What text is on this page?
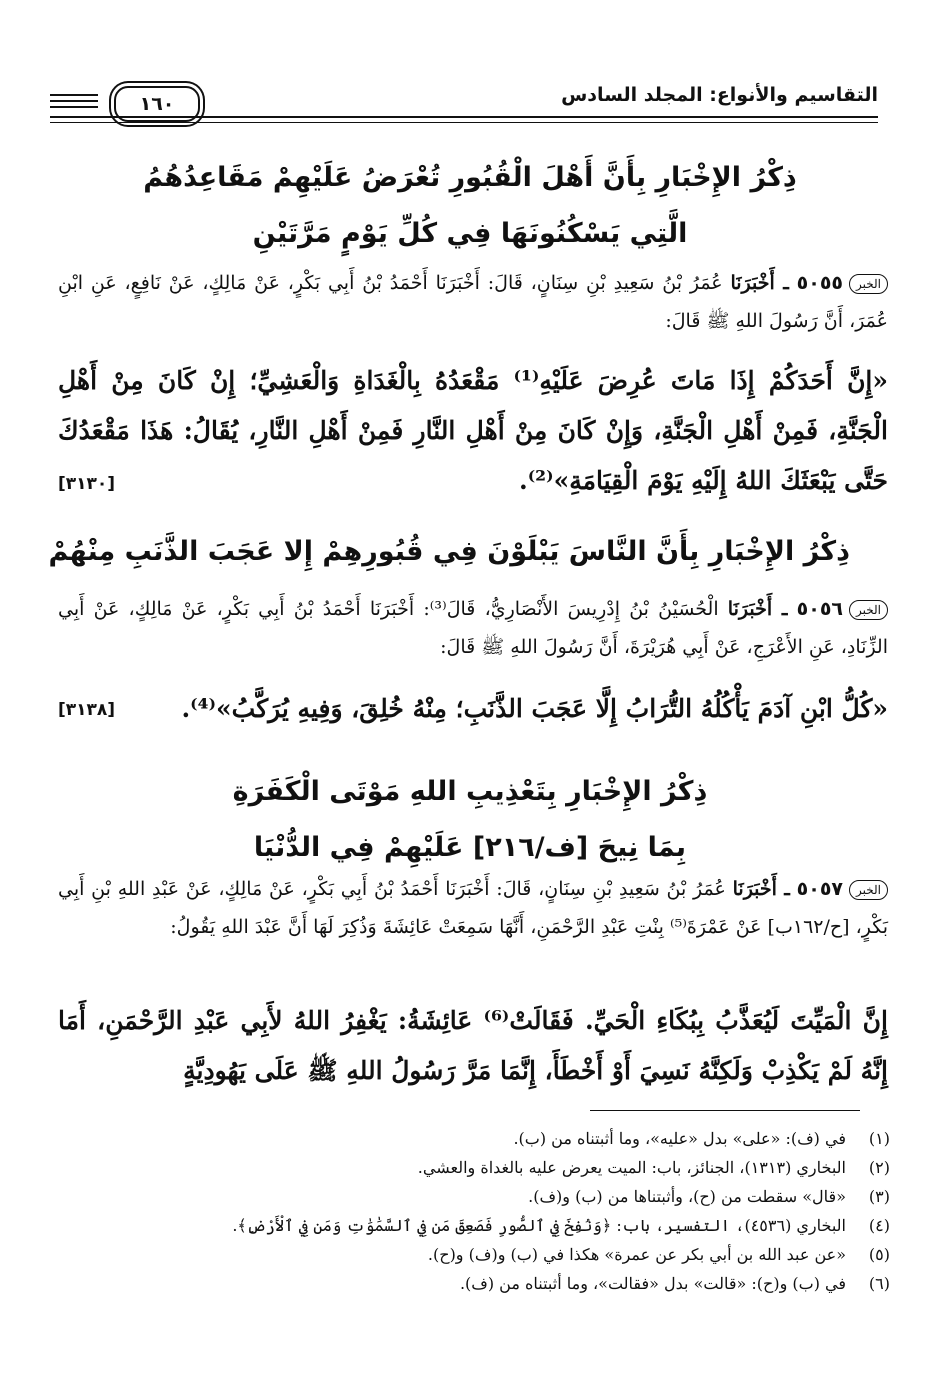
التقاسيم والأنواع: المجلد السادس
١٦٠
ذِكْرُ الإِخْبَارِ بِأَنَّ أَهْلَ الْقُبُورِ تُعْرَضُ عَلَيْهِمْ مَقَاعِدُهُمُ
الَّتِي يَسْكُنُونَهَا فِي كُلِّ يَوْمٍ مَرَّتَيْنِ
الخبر٥٠٥٥ ـ أَخْبَرَنَا عُمَرُ بْنُ سَعِيدِ بْنِ سِنَانٍ، قَالَ: أَخْبَرَنَا أَحْمَدُ بْنُ أَبِي بَكْرٍ، عَنْ مَالِكٍ، عَنْ نَافِعٍ، عَنِ ابْنِ عُمَرَ، أَنَّ رَسُولَ اللهِ ﷺ قَالَ:
«إِنَّ أَحَدَكُمْ إِذَا مَاتَ عُرِضَ عَلَيْهِ⁽¹⁾ مَقْعَدُهُ بِالْغَدَاةِ وَالْعَشِيِّ؛ إِنْ كَانَ مِنْ أَهْلِ الْجَنَّةِ، فَمِنْ أَهْلِ الْجَنَّةِ، وَإِنْ كَانَ مِنْ أَهْلِ النَّارِ فَمِنْ أَهْلِ النَّارِ، يُقَالُ: هَذَا مَقْعَدُكَ حَتَّى يَبْعَثَكَ اللهُ إِلَيْهِ يَوْمَ الْقِيَامَةِ»⁽²⁾.
[٣١٣٠]
ذِكْرُ الإِخْبَارِ بِأَنَّ النَّاسَ يَبْلَوْنَ فِي قُبُورِهِمْ إِلا عَجَبَ الذَّنَبِ مِنْهُمْ
الخبر٥٠٥٦ ـ أَخْبَرَنَا الْحُسَيْنُ بْنُ إِدْرِيسَ الأَنْصَارِيُّ، قَالَ⁽³⁾: أَخْبَرَنَا أَحْمَدُ بْنُ أَبِي بَكْرٍ، عَنْ مَالِكٍ، عَنْ أَبِي الزِّنَادِ، عَنِ الأَعْرَجِ، عَنْ أَبِي هُرَيْرَةَ، أَنَّ رَسُولَ اللهِ ﷺ قَالَ:
«كُلُّ ابْنِ آدَمَ يَأْكُلُهُ التُّرَابُ إِلَّا عَجَبَ الذَّنَبِ؛ مِنْهُ خُلِقَ، وَفِيهِ يُرَكَّبُ»⁽⁴⁾.
[٣١٣٨]
ذِكْرُ الإِخْبَارِ بِتَعْذِيبِ اللهِ مَوْتَى الْكَفَرَةِ
بِمَا نِيحَ [ف/٢١٦] عَلَيْهِمْ فِي الدُّنْيَا
الخبر٥٠٥٧ ـ أَخْبَرَنَا عُمَرُ بْنُ سَعِيدِ بْنِ سِنَانٍ، قَالَ: أَخْبَرَنَا أَحْمَدُ بْنُ أَبِي بَكْرٍ، عَنْ مَالِكٍ، عَنْ عَبْدِ اللهِ بْنِ أَبِي بَكْرٍ، [ح/١٦٢ب] عَنْ عَمْرَةَ⁽⁵⁾ بِنْتِ عَبْدِ الرَّحْمَنِ، أَنَّهَا سَمِعَتْ عَائِشَةَ وَذُكِرَ لَهَا أَنَّ عَبْدَ اللهِ يَقُولُ:
إِنَّ الْمَيِّتَ لَيُعَذَّبُ بِبُكَاءِ الْحَيِّ. فَقَالَتْ⁽⁶⁾ عَائِشَةُ: يَغْفِرُ اللهُ لأَبِي عَبْدِ الرَّحْمَنِ، أَمَا إِنَّهُ لَمْ يَكْذِبْ وَلَكِنَّهُ نَسِيَ أَوْ أَخْطَأَ، إِنَّمَا مَرَّ رَسُولُ اللهِ ﷺ عَلَى يَهُودِيَّةٍ
(١)في (ف): «على» بدل «عليه»، وما أثبتناه من (ب).
(٢)البخاري (١٣١٣)، الجنائز، باب: الميت يعرض عليه بالغداة والعشي.
(٣)«قال» سقطت من (ح)، وأثبتناها من (ب) و(ف).
(٤)البخاري (٤٥٣٦)، التفسير، باب: ﴿وَنُفِخَ فِي ٱلصُّورِ فَصَعِقَ مَن فِي ٱلسَّمَٰوَٰتِ وَمَن فِي ٱلْأَرْضِ﴾.
(٥)«عن عبد الله بن أبي بكر عن عمرة» هكذا في (ب) و(ف) و(ح).
(٦)في (ب) و(ح): «قالت» بدل «فقالت»، وما أثبتناه من (ف).
